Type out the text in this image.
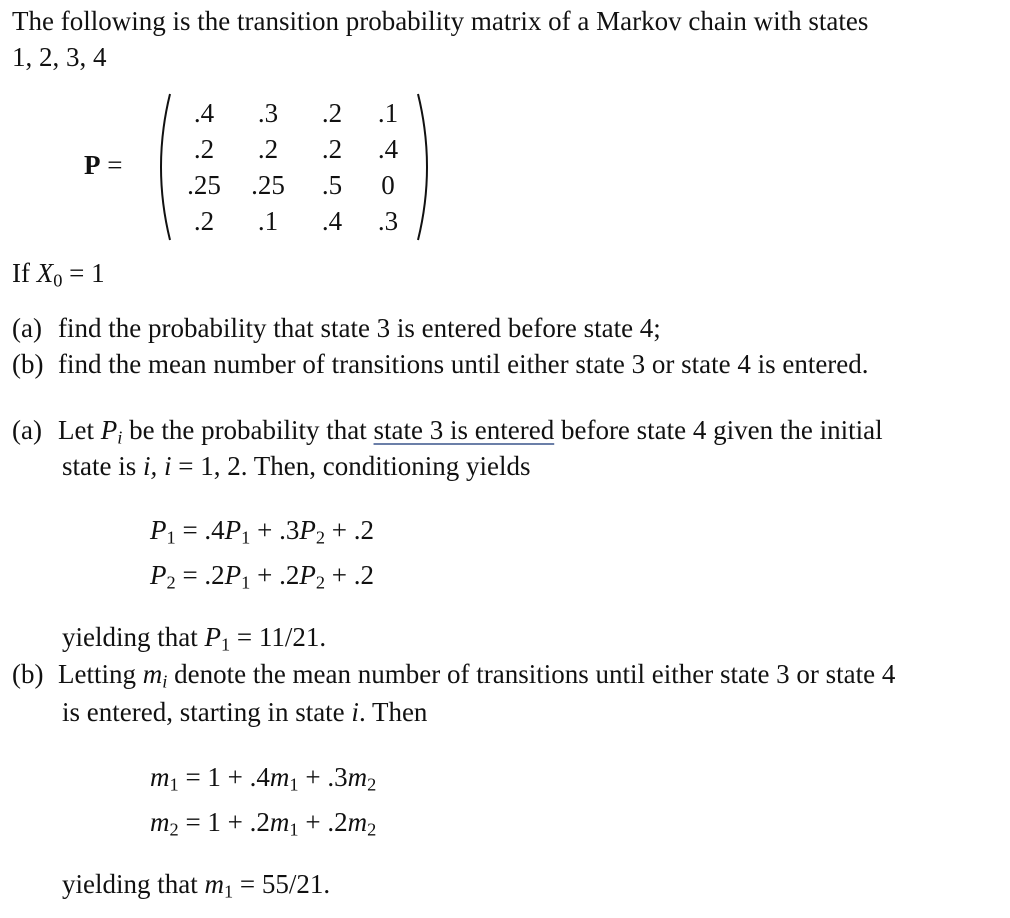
The following is the transition probability matrix of a Markov chain with states
1, 2, 3, 4
P =
.4	.3	.2	.1
.2	.2	.2	.4
.25	.25	.5	0
.2	.1	.4	.3
If $X_0 = 1$
(a) find the probability that state 3 is entered before state 4;
(b) find the mean number of transitions until either state 3 or state 4 is entered.
(a) Let $P_i$ be the probability that state 3 is entered before state 4 given the initial
state is i, i = 1, 2. Then, conditioning yields
$P_1 = .4P_1 + .3P_2 + .2$
$P_2 = .2P_1 + .2P_2 + .2$
yielding that $P_1 = 11/21$.
(b) Letting $m_i$ denote the mean number of transitions until either state 3 or state 4
is entered, starting in state i. Then
$m_1 = 1 + .4m_1 + .3m_2$
$m_2 = 1 + .2m_1 + .2m_2$
yielding that $m_1 = 55/21$.
